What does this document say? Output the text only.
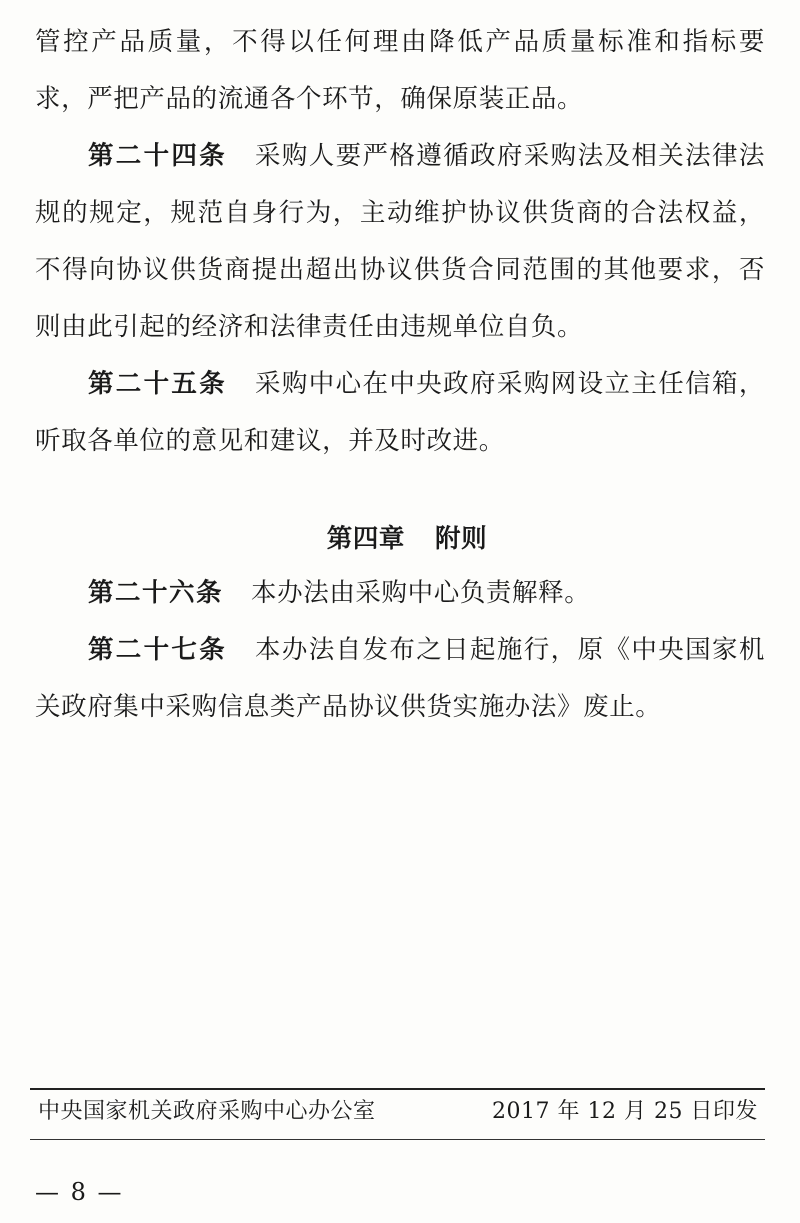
管控产品质量，不得以任何理由降低产品质量标准和指标要求，严把产品的流通各个环节，确保原装正品。

第二十四条 采购人要严格遵循政府采购法及相关法律法规的规定，规范自身行为，主动维护协议供货商的合法权益，不得向协议供货商提出超出协议供货合同范围的其他要求，否则由此引起的经济和法律责任由违规单位自负。

第二十五条 采购中心在中央政府采购网设立主任信箱，听取各单位的意见和建议，并及时改进。

第四章 附则

第二十六条 本办法由采购中心负责解释。

第二十七条 本办法自发布之日起施行，原《中央国家机关政府集中采购信息类产品协议供货实施办法》废止。

中央国家机关政府采购中心办公室	2017 年 12 月 25 日印发
— 8 —
